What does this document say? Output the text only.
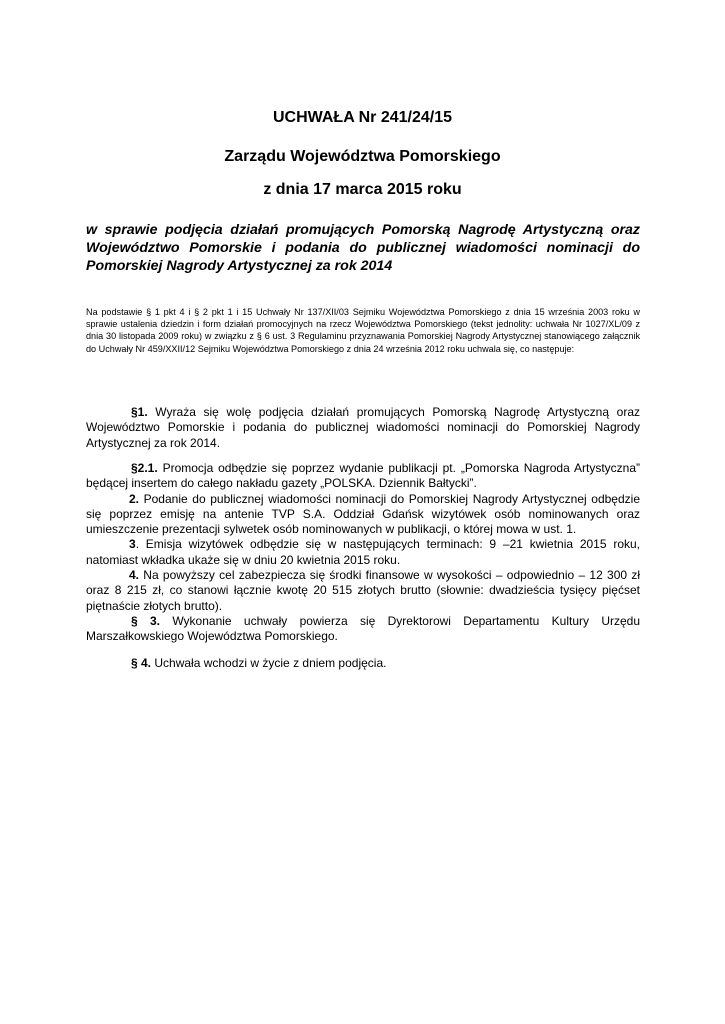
UCHWAŁA Nr 241/24/15
Zarządu Województwa Pomorskiego
z dnia 17 marca 2015 roku
w sprawie podjęcia działań promujących Pomorską Nagrodę Artystyczną oraz Województwo Pomorskie i podania do publicznej wiadomości nominacji do Pomorskiej Nagrody Artystycznej za rok 2014
Na podstawie § 1 pkt 4 i § 2 pkt 1 i 15 Uchwały Nr 137/XII/03 Sejmiku Województwa Pomorskiego z dnia 15 września 2003 roku w sprawie ustalenia dziedzin i form działań promocyjnych na rzecz Województwa Pomorskiego (tekst jednolity: uchwała Nr 1027/XL/09 z dnia 30 listopada 2009 roku) w związku z § 6 ust. 3 Regulaminu przyznawania Pomorskiej Nagrody Artystycznej stanowiącego załącznik do Uchwały Nr 459/XXII/12 Sejmiku Województwa Pomorskiego z dnia 24 września 2012 roku uchwala się, co następuje:

§1. Wyraża się wolę podjęcia działań promujących Pomorską Nagrodę Artystyczną oraz Województwo Pomorskie i podania do publicznej wiadomości nominacji do Pomorskiej Nagrody Artystycznej za rok 2014.

§2.1. Promocja odbędzie się poprzez wydanie publikacji pt. „Pomorska Nagroda Artystyczna” będącej insertem do całego nakładu gazety „POLSKA. Dziennik Bałtycki”.

2. Podanie do publicznej wiadomości nominacji do Pomorskiej Nagrody Artystycznej odbędzie się poprzez emisję na antenie TVP S.A. Oddział Gdańsk wizytówek osób nominowanych oraz umieszczenie prezentacji sylwetek osób nominowanych w publikacji, o której mowa w ust. 1.

3. Emisja wizytówek odbędzie się w następujących terminach: 9 –21 kwietnia 2015 roku, natomiast wkładka ukaże się w dniu 20 kwietnia 2015 roku.

4. Na powyższy cel zabezpiecza się środki finansowe w wysokości – odpowiednio – 12 300 zł oraz 8 215 zł, co stanowi łącznie kwotę 20 515 złotych brutto (słownie: dwadzieścia tysięcy pięćset piętnaście złotych brutto).

§ 3. Wykonanie uchwały powierza się Dyrektorowi Departamentu Kultury Urzędu Marszałkowskiego Województwa Pomorskiego.

§ 4. Uchwała wchodzi w życie z dniem podjęcia.
